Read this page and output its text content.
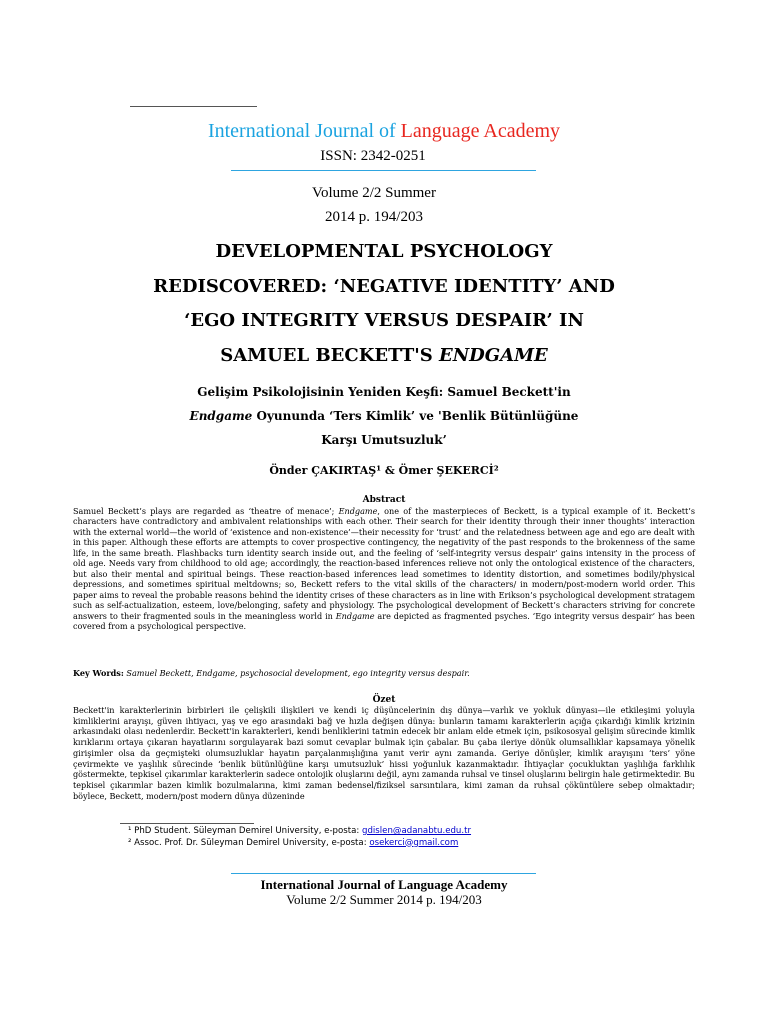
International Journal of Language Academy
ISSN: 2342-0251
Volume 2/2 Summer
2014 p. 194/203
DEVELOPMENTAL PSYCHOLOGY
REDISCOVERED: ‘NEGATIVE IDENTITY’ AND
‘EGO INTEGRITY VERSUS DESPAIR’ IN
SAMUEL BECKETT'S ENDGAME
Gelişim Psikolojisinin Yeniden Keşfi: Samuel Beckett'in
Endgame Oyununda ‘Ters Kimlik’ ve 'Benlik Bütünlüğüne
Karşı Umutsuzluk’
Önder ÇAKIRTAŞ¹ & Ömer ŞEKERCİ²
Abstract
Samuel Beckett’s plays are regarded as ‘theatre of menace’; Endgame, one of the masterpieces of Beckett, is a typical example of it. Beckett’s characters have contradictory and ambivalent relationships with each other. Their search for their identity through their inner thoughts’ interaction with the external world—the world of ‘existence and non-existence’—their necessity for ‘trust’ and the relatedness between age and ego are dealt with in this paper. Although these efforts are attempts to cover prospective contingency, the negativity of the past responds to the brokenness of the same life, in the same breath. Flashbacks turn identity search inside out, and the feeling of ‘self-integrity versus despair’ gains intensity in the process of old age. Needs vary from childhood to old age; accordingly, the reaction-based inferences relieve not only the ontological existence of the characters, but also their mental and spiritual beings. These reaction-based inferences lead sometimes to identity distortion, and sometimes bodily/physical depressions, and sometimes spiritual meltdowns; so, Beckett refers to the vital skills of the characters/ in modern/post-modern world order. This paper aims to reveal the probable reasons behind the identity crises of these characters as in line with Erikson’s psychological development stratagem such as self-actualization, esteem, love/belonging, safety and physiology. The psychological development of Beckett’s characters striving for concrete answers to their fragmented souls in the meaningless world in Endgame are depicted as fragmented psyches. ‘Ego integrity versus despair’ has been covered from a psychological perspective.
Key Words: Samuel Beckett, Endgame, psychosocial development, ego integrity versus despair.
Özet
Beckett'in karakterlerinin birbirleri ile çelişkili ilişkileri ve kendi iç düşüncelerinin dış dünya—varlık ve yokluk dünyası—ile etkileşimi yoluyla kimliklerini arayışı, güven ihtiyacı, yaş ve ego arasındaki bağ ve hızla değişen dünya: bunların tamamı karakterlerin açığa çıkardığı kimlik krizinin arkasındaki olası nedenlerdir. Beckett'in karakterleri, kendi benliklerini tatmin edecek bir anlam elde etmek için, psikososyal gelişim sürecinde kimlik kırıklarını ortaya çıkaran hayatlarını sorgulayarak bazi somut cevaplar bulmak için çabalar. Bu çaba ileriye dönük olumsallıklar kapsamaya yönelik girişimler olsa da geçmişteki olumsuzluklar hayatın parçalanmışlığına yanıt verir aynı zamanda. Geriye dönüşler, kimlik arayışını ‘ters’ yöne çevirmekte ve yaşlılık sürecinde ‘benlik bütünlüğüne karşı umutsuzluk’ hissi yoğunluk kazanmaktadır. İhtiyaçlar çocukluktan yaşlılığa farklılık göstermekte, tepkisel çıkarımlar karakterlerin sadece ontolojik oluşlarını değil, aynı zamanda ruhsal ve tinsel oluşlarını belirgin hale getirmektedir. Bu tepkisel çıkarımlar bazen kimlik bozulmalarına, kimi zaman bedensel/fiziksel sarsıntılara, kimi zaman da ruhsal çöküntülere sebep olmaktadır; böylece, Beckett, modern/post modern dünya düzeninde
¹ PhD Student. Süleyman Demirel University, e-posta: gdislen@adanabtu.edu.tr
² Assoc. Prof. Dr. Süleyman Demirel University, e-posta: osekerci@gmail.com
International Journal of Language Academy
Volume 2/2 Summer 2014 p. 194/203
